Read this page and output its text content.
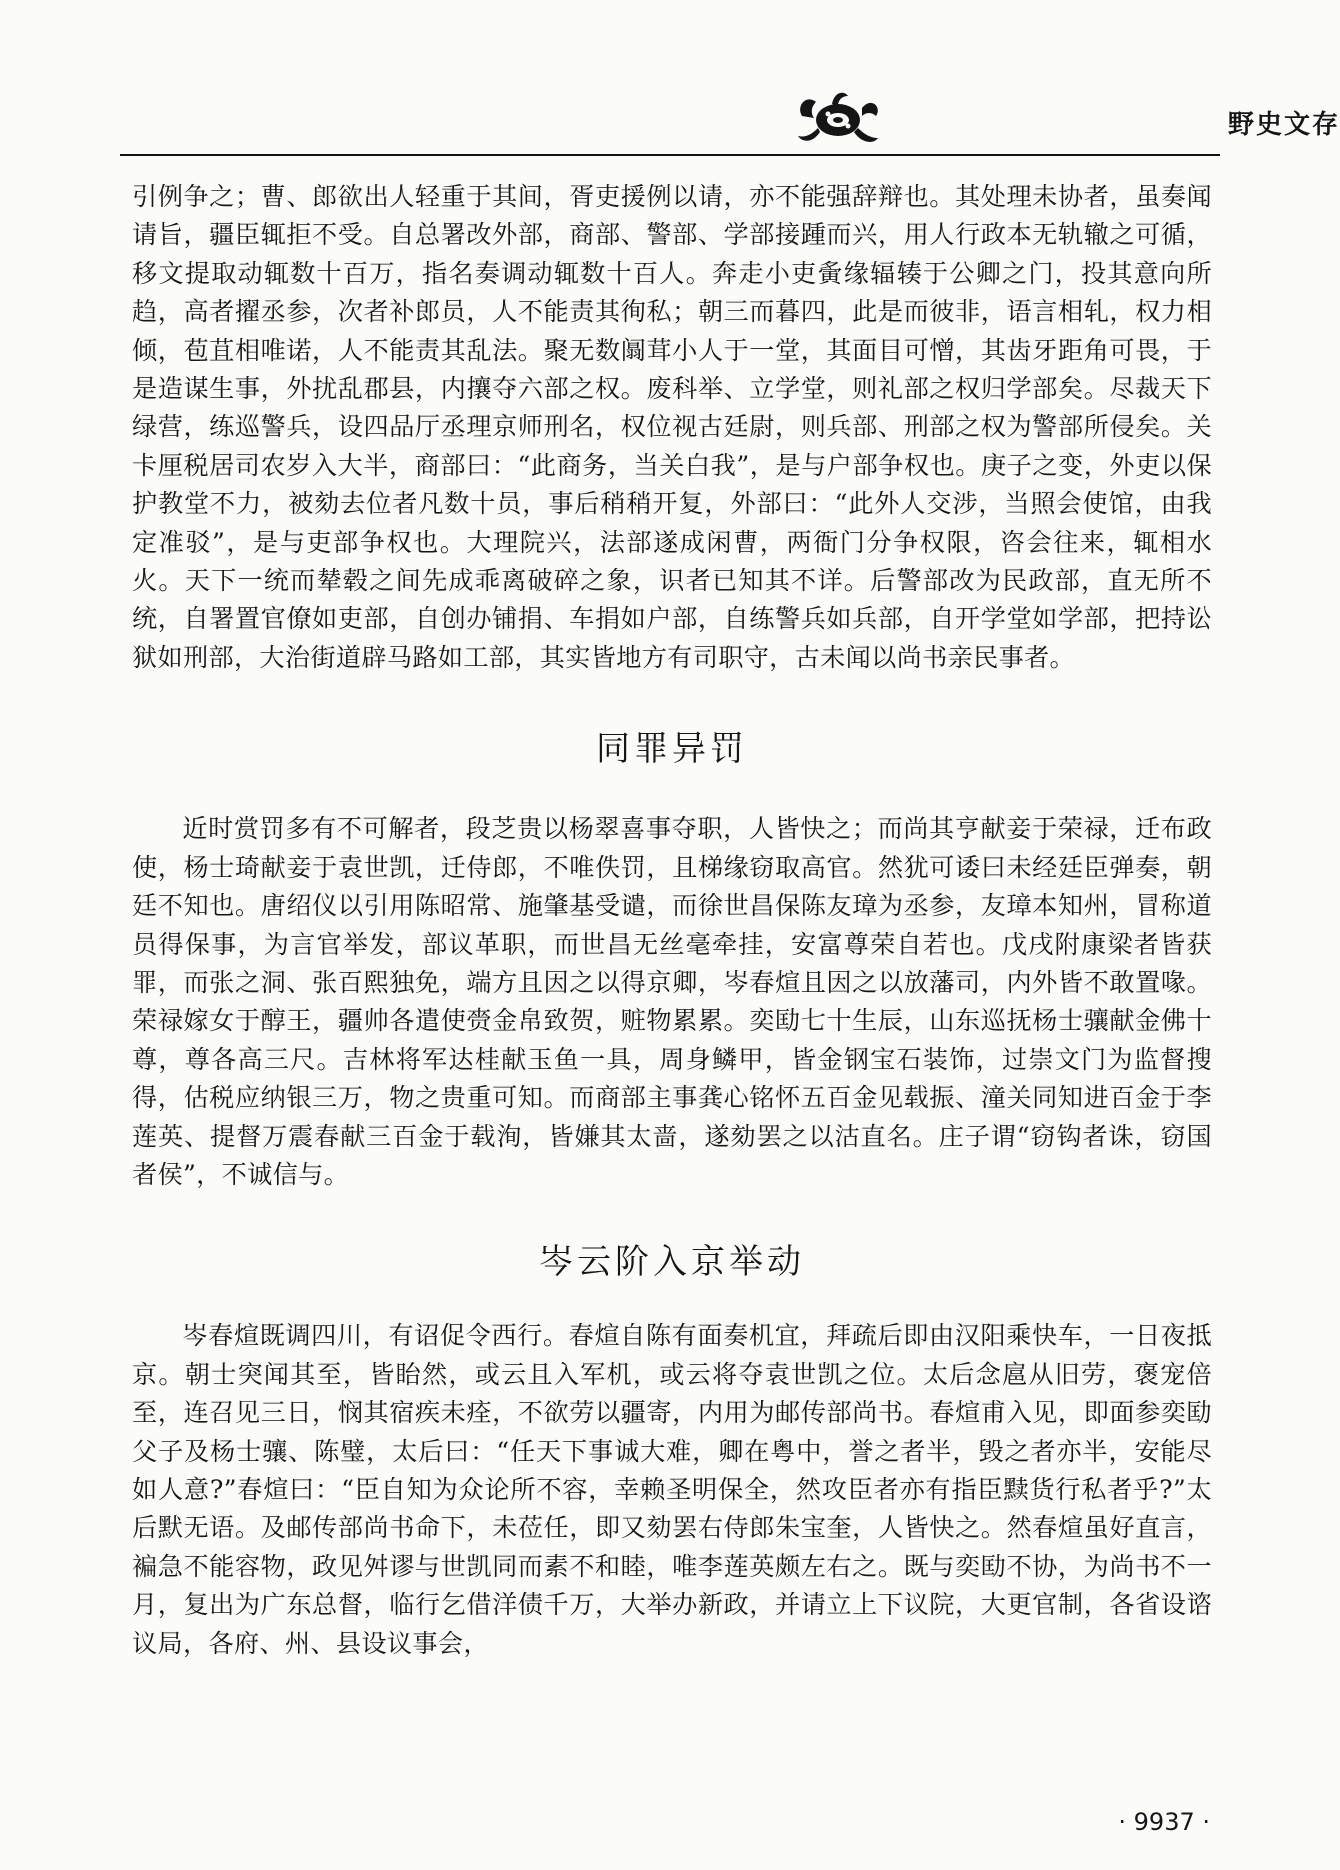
野史文存

引例争之；曹、郎欲出人轻重于其间，胥吏援例以请，亦不能强辞辩也。其处理未协者，虽奏闻请旨，疆臣辄拒不受。自总署改外部，商部、警部、学部接踵而兴，用人行政本无轨辙之可循，移文提取动辄数十百万，指名奏调动辄数十百人。奔走小吏夤缘辐辏于公卿之门，投其意向所趋，高者擢丞参，次者补郎员，人不能责其徇私；朝三而暮四，此是而彼非，语言相轧，权力相倾，苞苴相唯诺，人不能责其乱法。聚无数阘茸小人于一堂，其面目可憎，其齿牙距角可畏，于是造谋生事，外扰乱郡县，内攘夺六部之权。废科举、立学堂，则礼部之权归学部矣。尽裁天下绿营，练巡警兵，设四品厅丞理京师刑名，权位视古廷尉，则兵部、刑部之权为警部所侵矣。关卡厘税居司农岁入大半，商部曰：“此商务，当关白我”，是与户部争权也。庚子之变，外吏以保护教堂不力，被劾去位者凡数十员，事后稍稍开复，外部曰：“此外人交涉，当照会使馆，由我定准驳”，是与吏部争权也。大理院兴，法部遂成闲曹，两衙门分争权限，咨会往来，辄相水火。天下一统而辇毂之间先成乖离破碎之象，识者已知其不详。后警部改为民政部，直无所不统，自署置官僚如吏部，自创办铺捐、车捐如户部，自练警兵如兵部，自开学堂如学部，把持讼狱如刑部，大治街道辟马路如工部，其实皆地方有司职守，古未闻以尚书亲民事者。

同罪异罚

近时赏罚多有不可解者，段芝贵以杨翠喜事夺职，人皆快之；而尚其亨献妾于荣禄，迁布政使，杨士琦献妾于袁世凯，迁侍郎，不唯佚罚，且梯缘窃取高官。然犹可诿曰未经廷臣弹奏，朝廷不知也。唐绍仪以引用陈昭常、施肇基受谴，而徐世昌保陈友璋为丞参，友璋本知州，冒称道员得保事，为言官举发，部议革职，而世昌无丝毫牵挂，安富尊荣自若也。戊戌附康梁者皆获罪，而张之洞、张百熙独免，端方且因之以得京卿，岑春煊且因之以放藩司，内外皆不敢置喙。荣禄嫁女于醇王，疆帅各遣使赍金帛致贺，赃物累累。奕劻七十生辰，山东巡抚杨士骧献金佛十尊，尊各高三尺。吉林将军达桂献玉鱼一具，周身鳞甲，皆金钢宝石装饰，过崇文门为监督搜得，估税应纳银三万，物之贵重可知。而商部主事龚心铭怀五百金见载振、潼关同知进百金于李莲英、提督万震春献三百金于载洵，皆嫌其太啬，遂劾罢之以沽直名。庄子谓“窃钩者诛，窃国者侯”，不诚信与。

岑云阶入京举动

岑春煊既调四川，有诏促令西行。春煊自陈有面奏机宜，拜疏后即由汉阳乘快车，一日夜抵京。朝士突闻其至，皆眙然，或云且入军机，或云将夺袁世凯之位。太后念扈从旧劳，褒宠倍至，连召见三日，悯其宿疾未痊，不欲劳以疆寄，内用为邮传部尚书。春煊甫入见，即面参奕劻父子及杨士骧、陈璧，太后曰：“任天下事诚大难，卿在粤中，誉之者半，毁之者亦半，安能尽如人意?”春煊曰：“臣自知为众论所不容，幸赖圣明保全，然攻臣者亦有指臣黩货行私者乎?”太后默无语。及邮传部尚书命下，未莅任，即又劾罢右侍郎朱宝奎，人皆快之。然春煊虽好直言，褊急不能容物，政见舛谬与世凯同而素不和睦，唯李莲英颇左右之。既与奕劻不协，为尚书不一月，复出为广东总督，临行乞借洋债千万，大举办新政，并请立上下议院，大更官制，各省设谘议局，各府、州、县设议事会，

· 9937 ·
